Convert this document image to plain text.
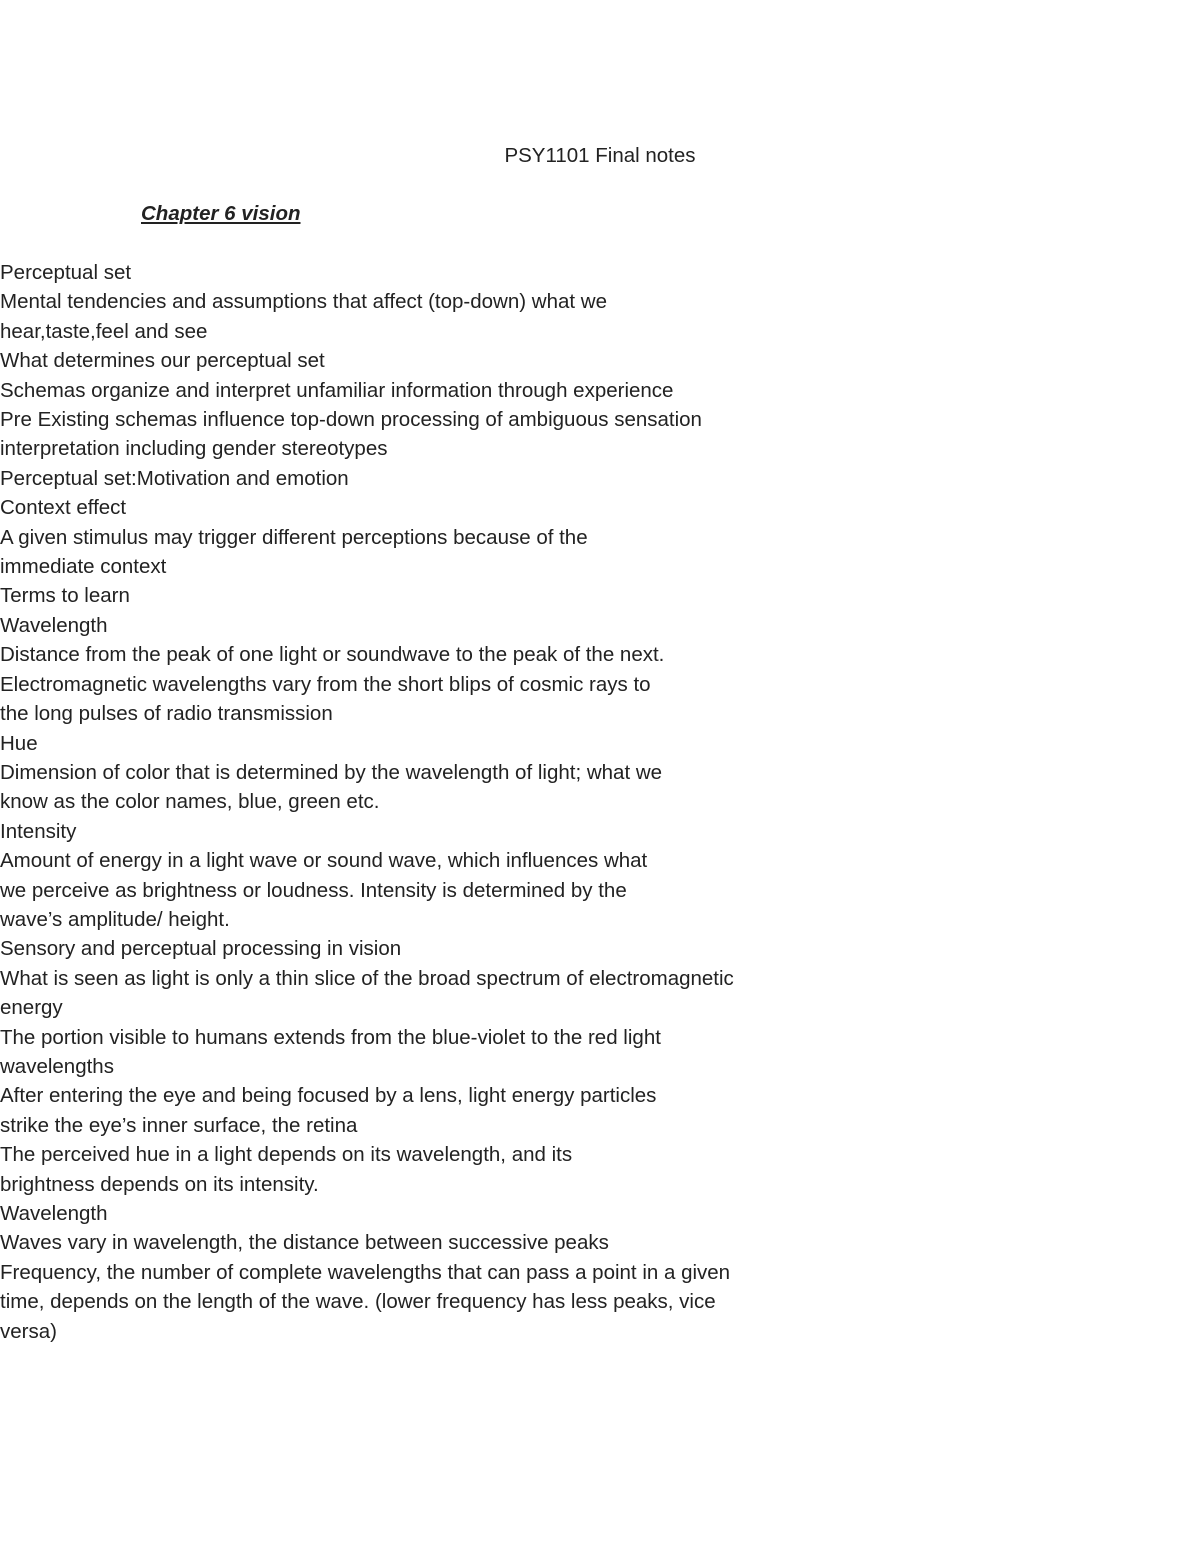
PSY1101 Final notes
Chapter 6 vision
Perceptual set
Mental tendencies and assumptions that affect (top-down) what we
hear,taste,feel and see
What determines our perceptual set
Schemas organize and interpret unfamiliar information through experience
Pre Existing schemas influence top-down processing of ambiguous sensation
interpretation including gender stereotypes
Perceptual set:Motivation and emotion
Context effect
A given stimulus may trigger different perceptions because of the
immediate context
Terms to learn
Wavelength
Distance from the peak of one light or soundwave to the peak of the next.
Electromagnetic wavelengths vary from the short blips of cosmic rays to
the long pulses of radio transmission
Hue
Dimension of color that is determined by the wavelength of light; what we
know as the color names, blue, green etc.
Intensity
Amount of energy in a light wave or sound wave, which influences what
we perceive as brightness or loudness. Intensity is determined by the
wave’s amplitude/ height.
Sensory and perceptual processing in vision
What is seen as light is only a thin slice of the broad spectrum of electromagnetic
energy
The portion visible to humans extends from the blue-violet to the red light
wavelengths
After entering the eye and being focused by a lens, light energy particles
strike the eye’s inner surface, the retina
The perceived hue in a light depends on its wavelength, and its
brightness depends on its intensity.
Wavelength
Waves vary in wavelength, the distance between successive peaks
Frequency, the number of complete wavelengths that can pass a point in a given
time, depends on the length of the wave. (lower frequency has less peaks, vice
versa)
